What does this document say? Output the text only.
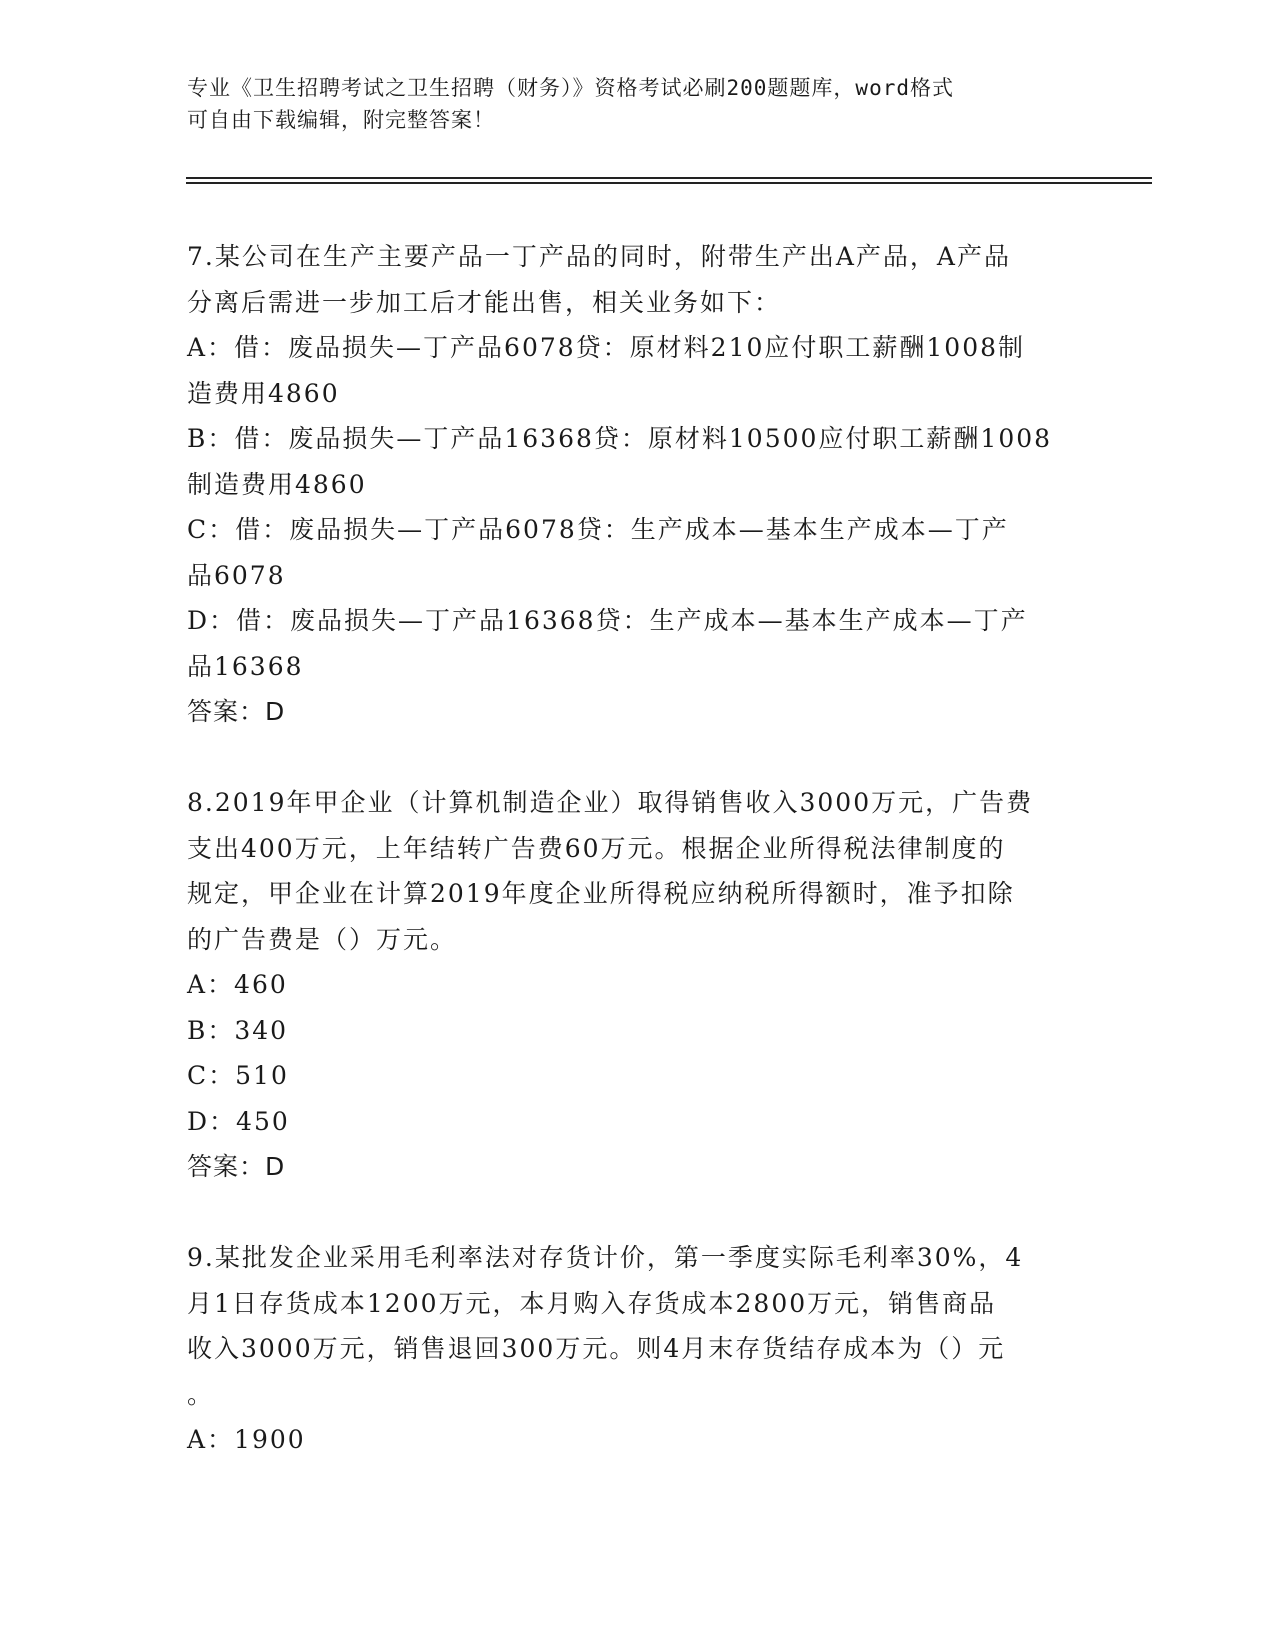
专业《卫生招聘考试之卫生招聘（财务）》资格考试必刷200题题库，word格式
可自由下载编辑，附完整答案！
7.某公司在生产主要产品一丁产品的同时，附带生产出A产品，A产品
分离后需进一步加工后才能出售，相关业务如下：
A：借：废品损失—丁产品6078贷：原材料210应付职工薪酬1008制
造费用4860
B：借：废品损失—丁产品16368贷：原材料10500应付职工薪酬1008
制造费用4860
C：借：废品损失—丁产品6078贷：生产成本—基本生产成本—丁产
品6078
D：借：废品损失—丁产品16368贷：生产成本—基本生产成本—丁产
品16368
答案：D
8.2019年甲企业（计算机制造企业）取得销售收入3000万元，广告费
支出400万元，上年结转广告费60万元。根据企业所得税法律制度的
规定，甲企业在计算2019年度企业所得税应纳税所得额时，准予扣除
的广告费是（）万元。
A：460
B：340
C：510
D：450
答案：D
9.某批发企业采用毛利率法对存货计价，第一季度实际毛利率30%，4
月1日存货成本1200万元，本月购入存货成本2800万元，销售商品
收入3000万元，销售退回300万元。则4月末存货结存成本为（）元
。
A：1900
